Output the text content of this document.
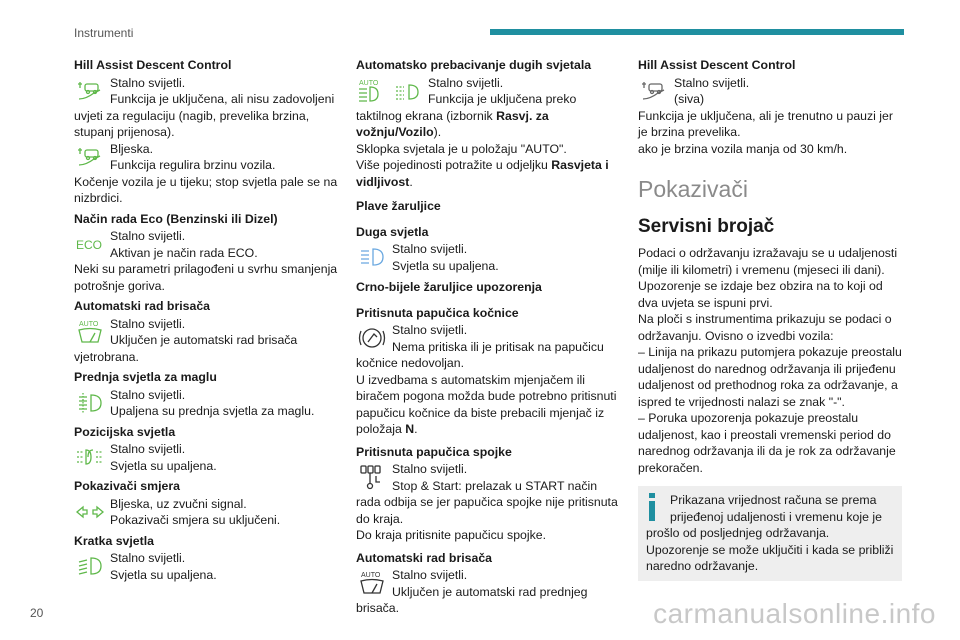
Instrumenti
Hill Assist Descent Control
Stalno svijetli.
Funkcija je uključena, ali nisu zadovoljeni
uvjeti za regulaciju (nagib, prevelika brzina, stupanj prijenosa).
Bljeska.
Funkcija regulira brzinu vozila.
Kočenje vozila je u tijeku; stop svjetla pale se na nizbrdici.
Način rada Eco (Benzinski ili Dizel)
ECO
Stalno svijetli.
Aktivan je način rada ECO.
Neki su parametri prilagođeni u svrhu smanjenja potrošnje goriva.
Automatski rad brisača
AUTO Stalno svijetli.
Uključen je automatski rad brisača
vjetrobrana.
Prednja svjetla za maglu
Stalno svijetli.
Upaljena su prednja svjetla za maglu.
Pozicijska svjetla
Stalno svijetli.
Svjetla su upaljena.
Pokazivači smjera
Bljeska, uz zvučni signal.
Pokazivači smjera su uključeni.
Kratka svjetla
Stalno svijetli.
Svjetla su upaljena.
Automatsko prebacivanje dugih svjetala
AUTO	Stalno svijetli.
Funkcija je uključena preko
taktilnog ekrana (izbornik Rasvj. za vožnju/Vozilo).
Sklopka svjetala je u položaju "AUTO".
Više pojedinosti potražite u odjeljku Rasvjeta i vidljivost.
Plave žaruljice
Duga svjetla
Stalno svijetli.
Svjetla su upaljena.
Crno-bijele žaruljice upozorenja
Pritisnuta papučica kočnice
Stalno svijetli.
Nema pritiska ili je pritisak na papučicu
kočnice nedovoljan.
U izvedbama s automatskim mjenjačem ili biračem pogona možda bude potrebno pritisnuti papučicu kočnice da biste prebacili mjenjač iz položaja N.
Pritisnuta papučica spojke
Stalno svijetli.
Stop & Start: prelazak u START način
rada odbija se jer papučica spojke nije pritisnuta do kraja.
Do kraja pritisnite papučicu spojke.
Automatski rad brisača
AUTO Stalno svijetli.
Uključen je automatski rad prednjeg
brisača.
Hill Assist Descent Control
Stalno svijetli.
(siva)
Funkcija je uključena, ali je trenutno u pauzi jer je brzina prevelika.
ako je brzina vozila manja od 30 km/h.
Pokazivači
Servisni brojač
Podaci o održavanju izražavaju se u udaljenosti (milje ili kilometri) i vremenu (mjeseci ili dani).
Upozorenje se izdaje bez obzira na to koji od dva uvjeta se ispuni prvi.
Na ploči s instrumentima prikazuju se podaci o održavanju. Ovisno o izvedbi vozila:
– Linija na prikazu putomjera pokazuje preostalu udaljenost do narednog održavanja ili prijeđenu udaljenost od prethodnog roka za održavanje, a ispred te vrijednosti nalazi se znak "-".
– Poruka upozorenja pokazuje preostalu udaljenost, kao i preostali vremenski period do narednog održavanja ili da je rok za održavanje prekoračen.
Prikazana vrijednost računa se prema
prijeđenoj udaljenosti i vremenu koje je
prošlo od posljednjeg održavanja.
Upozorenje se može uključiti i kada se približi naredno održavanje.
20	carmanualsonline.info
